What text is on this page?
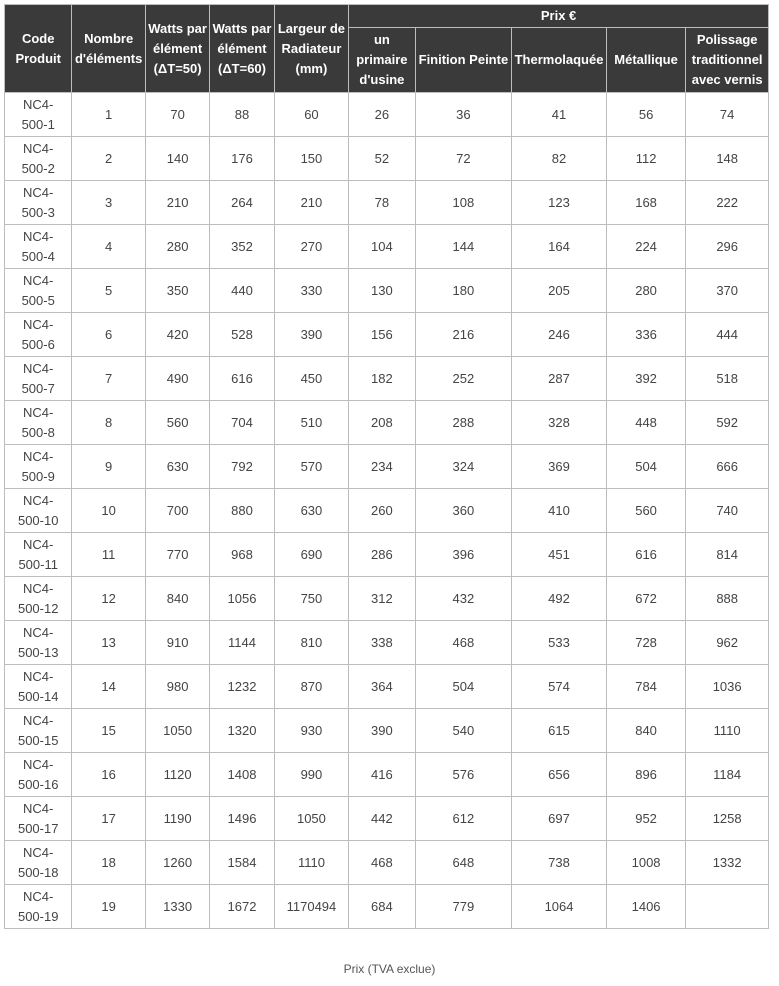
Code Produit	Nombre d'éléments	Watts par élément (ΔT=50)	Watts par élément (ΔT=60)	Largeur de Radiateur (mm)	Prix €				
					un primaire d'usine	Finition Peinte	Thermolaquée	Métallique	Polissage traditionnel avec vernis
NC4-
500-1	1	70	88	60	26	36	41	56	74
NC4-
500-2	2	140	176	150	52	72	82	112	148
NC4-
500-3	3	210	264	210	78	108	123	168	222
NC4-
500-4	4	280	352	270	104	144	164	224	296
NC4-
500-5	5	350	440	330	130	180	205	280	370
NC4-
500-6	6	420	528	390	156	216	246	336	444
NC4-
500-7	7	490	616	450	182	252	287	392	518
NC4-
500-8	8	560	704	510	208	288	328	448	592
NC4-
500-9	9	630	792	570	234	324	369	504	666
NC4-
500-10	10	700	880	630	260	360	410	560	740
NC4-
500-11	11	770	968	690	286	396	451	616	814
NC4-
500-12	12	840	1056	750	312	432	492	672	888
NC4-
500-13	13	910	1144	810	338	468	533	728	962
NC4-
500-14	14	980	1232	870	364	504	574	784	1036
NC4-
500-15	15	1050	1320	930	390	540	615	840	1110
NC4-
500-16	16	1120	1408	990	416	576	656	896	1184
NC4-
500-17	17	1190	1496	1050	442	612	697	952	1258
NC4-
500-18	18	1260	1584	1110	468	648	738	1008	1332
NC4-
500-19	19	1330	1672	1170494	684	779	1064	1406	
Prix (TVA exclue)
